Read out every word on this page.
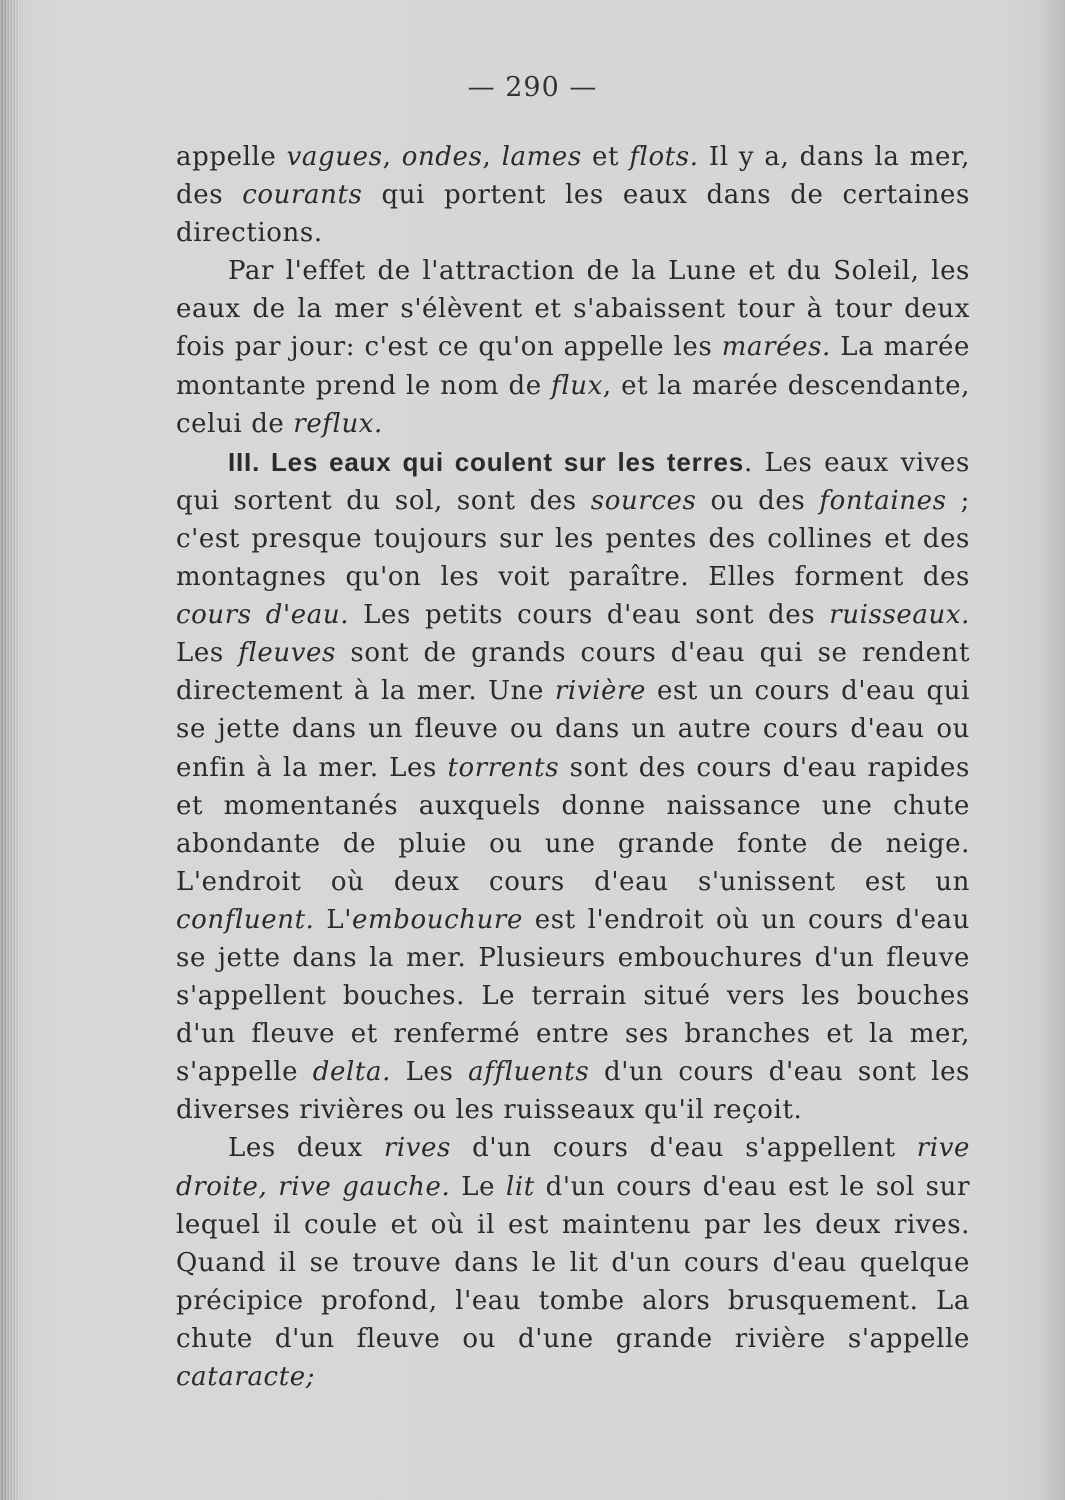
— 290 —

appelle vagues, ondes, lames et flots. Il y a, dans la mer, des courants qui portent les eaux dans de certaines directions.

Par l'effet de l'attraction de la Lune et du Soleil, les eaux de la mer s'élèvent et s'abaissent tour à tour deux fois par jour: c'est ce qu'on appelle les marées. La marée montante prend le nom de flux, et la marée descendante, celui de reflux.

III. Les eaux qui coulent sur les terres. Les eaux vives qui sortent du sol, sont des sources ou des fontaines ; c'est presque toujours sur les pentes des collines et des montagnes qu'on les voit paraître. Elles forment des cours d'eau. Les petits cours d'eau sont des ruisseaux. Les fleuves sont de grands cours d'eau qui se rendent directement à la mer. Une rivière est un cours d'eau qui se jette dans un fleuve ou dans un autre cours d'eau ou enfin à la mer. Les torrents sont des cours d'eau rapides et momentanés auxquels donne naissance une chute abondante de pluie ou une grande fonte de neige. L'endroit où deux cours d'eau s'unissent est un confluent. L'embouchure est l'endroit où un cours d'eau se jette dans la mer. Plusieurs embouchures d'un fleuve s'appellent bouches. Le terrain situé vers les bouches d'un fleuve et renfermé entre ses branches et la mer, s'appelle delta. Les affluents d'un cours d'eau sont les diverses rivières ou les ruisseaux qu'il reçoit.

Les deux rives d'un cours d'eau s'appellent rive droite, rive gauche. Le lit d'un cours d'eau est le sol sur lequel il coule et où il est maintenu par les deux rives. Quand il se trouve dans le lit d'un cours d'eau quelque précipice profond, l'eau tombe alors brusquement. La chute d'un fleuve ou d'une grande rivière s'appelle cataracte;
